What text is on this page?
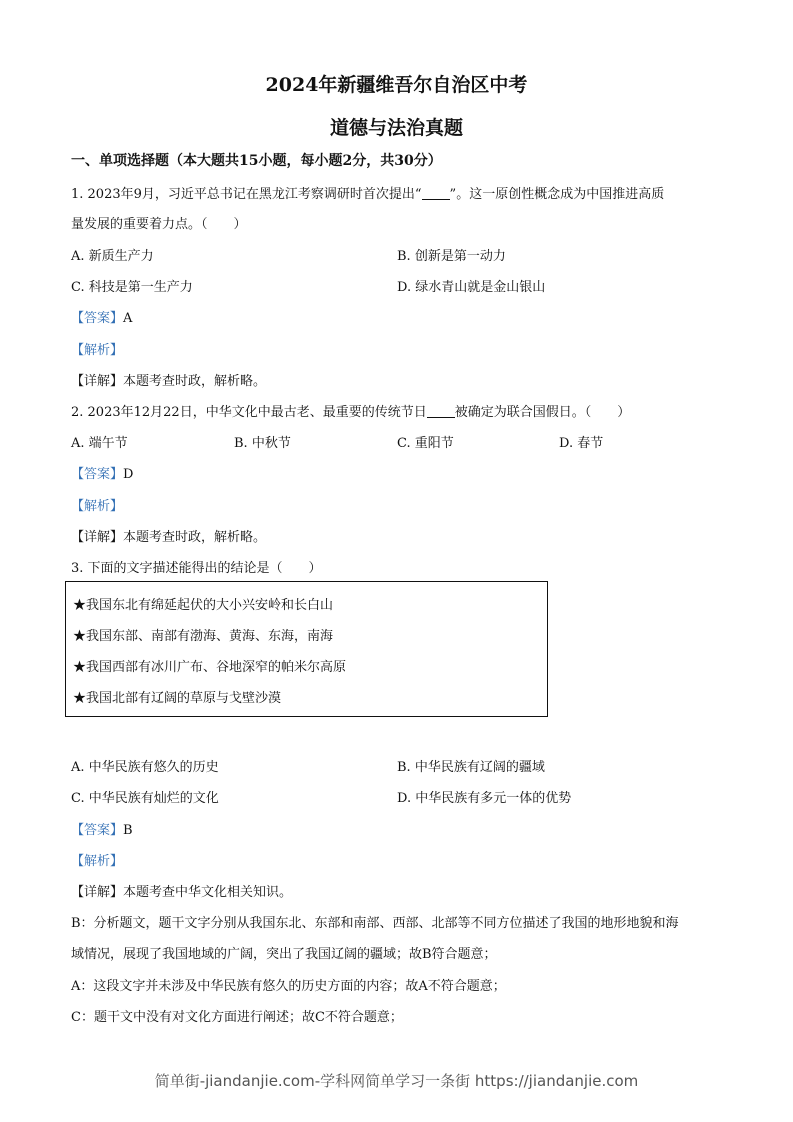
2024年新疆维吾尔自治区中考
道德与法治真题
一、单项选择题（本大题共15小题，每小题2分，共30分）
1. 2023年9月，习近平总书记在黑龙江考察调研时首次提出“ ”。这一原创性概念成为中国推进高质
量发展的重要着力点。（　　）
A. 新质生产力	B. 创新是第一动力
C. 科技是第一生产力	D. 绿水青山就是金山银山
【答案】A
【解析】
【详解】本题考查时政，解析略。
2. 2023年12月22日，中华文化中最古老、最重要的传统节日 被确定为联合国假日。（　　）
A. 端午节	B. 中秋节	C. 重阳节	D. 春节
【答案】D
【解析】
【详解】本题考查时政，解析略。
3. 下面的文字描述能得出的结论是（　　）
★我国东北有绵延起伏的大小兴安岭和长白山
★我国东部、南部有渤海、黄海、东海，南海
★我国西部有冰川广布、谷地深窄的帕米尔高原
★我国北部有辽阔的草原与戈壁沙漠
A. 中华民族有悠久的历史	B. 中华民族有辽阔的疆域
C. 中华民族有灿烂的文化	D. 中华民族有多元一体的优势
【答案】B
【解析】
【详解】本题考查中华文化相关知识。
B：分析题文，题干文字分别从我国东北、东部和南部、西部、北部等不同方位描述了我国的地形地貌和海
域情况，展现了我国地域的广阔，突出了我国辽阔的疆域；故B符合题意；
A：这段文字并未涉及中华民族有悠久的历史方面的内容；故A不符合题意；
C：题干文中没有对文化方面进行阐述；故C不符合题意；
简单街-jiandanjie.com-学科网简单学习一条街 https://jiandanjie.com
